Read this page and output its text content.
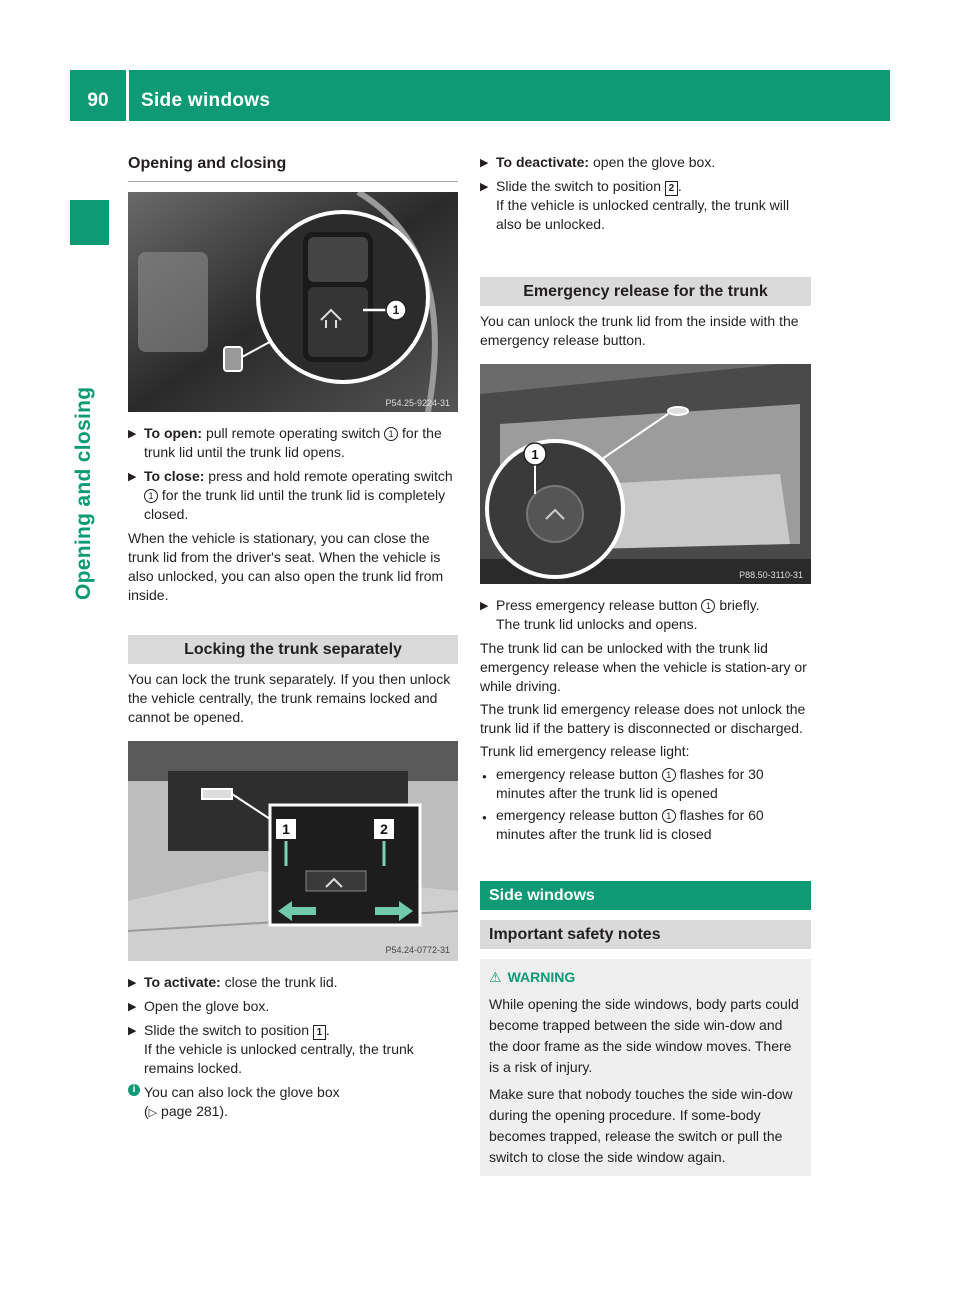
90	Side windows
Opening and closing
Opening and closing
1
P54.25-9224-31
▶ To open: pull remote operating switch 1 for the trunk lid until the trunk lid opens.
▶ To close: press and hold remote operating switch 1 for the trunk lid until the trunk lid is completely closed.

When the vehicle is stationary, you can close the trunk lid from the driver's seat. When the vehicle is also unlocked, you can also open the trunk lid from inside.

Locking the trunk separately

You can lock the trunk separately. If you then unlock the vehicle centrally, the trunk remains locked and cannot be opened.

1	2
P54.24-0772-31
▶ To activate: close the trunk lid.
▶ Open the glove box.
▶ Slide the switch to position 1 .
If the vehicle is unlocked centrally, the trunk remains locked.
i You can also lock the glove box
(▷ page 281).
▶ To deactivate: open the glove box.
▶ Slide the switch to position 2 .
If the vehicle is unlocked centrally, the trunk will also be unlocked.
Emergency release for the trunk

You can unlock the trunk lid from the inside with the emergency release button.

1
P88.50-3110-31
▶ Press emergency release button 1 briefly.
The trunk lid unlocks and opens.

The trunk lid can be unlocked with the trunk lid emergency release when the vehicle is station-ary or while driving.

The trunk lid emergency release does not unlock the trunk lid if the battery is disconnected or discharged.

Trunk lid emergency release light:

● emergency release button 1 flashes for 30 minutes after the trunk lid is opened
● emergency release button 1 flashes for 60 minutes after the trunk lid is closed
Side windows
Important safety notes
⚠ WARNING

While opening the side windows, body parts could become trapped between the side win-dow and the door frame as the side window moves. There is a risk of injury.

Make sure that nobody touches the side win-dow during the opening procedure. If some-body becomes trapped, release the switch or pull the switch to close the side window again.
